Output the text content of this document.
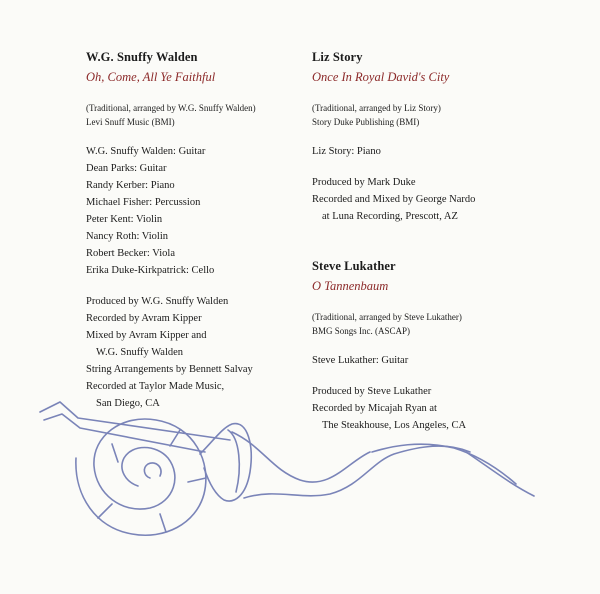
W.G. Snuffy Walden
Oh, Come, All Ye Faithful
(Traditional, arranged by W.G. Snuffy Walden)
Levi Snuff Music (BMI)
W.G. Snuffy Walden: Guitar
Dean Parks: Guitar
Randy Kerber: Piano
Michael Fisher: Percussion
Peter Kent: Violin
Nancy Roth: Violin
Robert Becker: Viola
Erika Duke-Kirkpatrick: Cello
Produced by W.G. Snuffy Walden
Recorded by Avram Kipper
Mixed by Avram Kipper and
W.G. Snuffy Walden
String Arrangements by Bennett Salvay
Recorded at Taylor Made Music,
San Diego, CA
Liz Story
Once In Royal David's City
(Traditional, arranged by Liz Story)
Story Duke Publishing (BMI)
Liz Story: Piano
Produced by Mark Duke
Recorded and Mixed by George Nardo
at Luna Recording, Prescott, AZ
Steve Lukather
O Tannenbaum
(Traditional, arranged by Steve Lukather)
BMG Songs Inc. (ASCAP)
Steve Lukather: Guitar
Produced by Steve Lukather
Recorded by Micajah Ryan at
The Steakhouse, Los Angeles, CA
